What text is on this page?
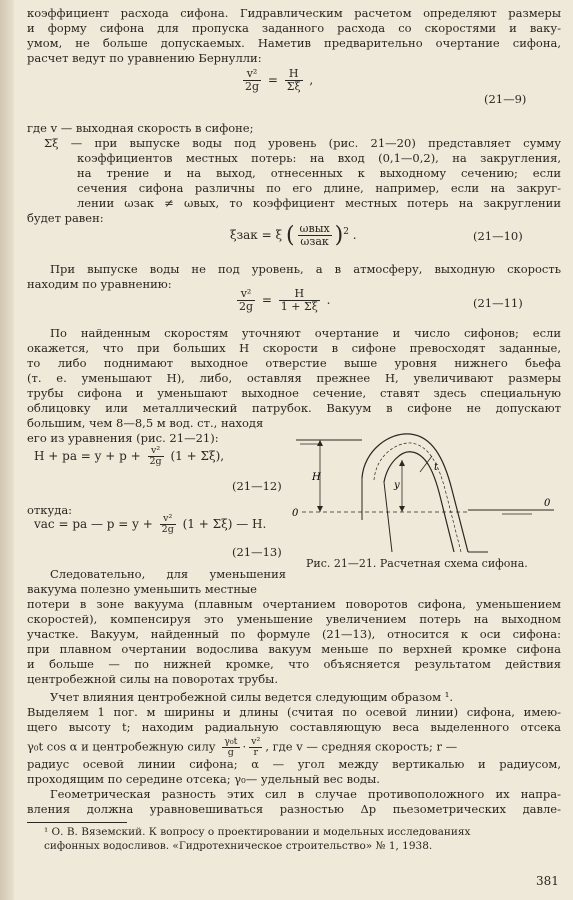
коэффициент расхода сифона. Гидравлическим расчетом определяют размеры
и форму сифона для пропуска заданного расхода со скоростями и ваку-
умом, не больше допускаемых. Наметив предварительно очертание сифона,
расчет ведут по уравнению Бернулли:
$\frac{\text{v²}}{2g} = \frac{H}{\Sigma\xi}$ ,
(21—9)
где v — выходная скорость в сифоне;
Σξ — при выпуске воды под уровень (рис. 21—20) представляет сумму
коэффициентов местных потерь: на вход (0,1—0,2), на закругления,
на трение и на выход, отнесенных к выходному сечению; если
сечения сифона различны по его длине, например, если на закруг-
лении ωзак ≠ ωвых, то коэффициент местных потерь на закруглении
будет равен:
ξзак = ξ ( $\frac{\text{ωвых}}{\text{ωзак}} )^2$ .	(21—10)
При выпуске воды не под уровень, а в атмосферу, выходную скорость
находим по уравнению:
$\frac{\text{v²}}{2g} = \frac{H}{1 + \Sigma\xi}$ .	(21—11)
По найденным скоростям уточняют очертание и число сифонов; если
окажется, что при больших H скорости в сифоне превосходят заданные,
то либо поднимают выходное отверстие выше уровня нижнего бьефа
(т. е. уменьшают H), либо, оставляя прежнее H, увеличивают размеры
трубы сифона и уменьшают выходное сечение, ставят здесь специальную
облицовку или металлический патрубок. Вакуум в сифоне не допускают
большим, чем 8—8,5 м вод. ст., находя
его из уравнения (рис. 21—21):
H + pa = $y + p + \frac{\text{v²}}{2g} (1 + \Sigma\xi)$,
(21—12)
откуда:
vac = pa — $p = y + \frac{\text{v²}}{2g} (1 + \Sigma\xi)$ — H.
(21—13)
H
y
t
0
0
Рис. 21—21. Расчетная схема сифона.
Следовательно, для уменьшения
вакуума полезно уменьшить местные
потери в зоне вакуума (плавным очертанием поворотов сифона, уменьшением
скоростей), компенсируя это уменьшение увеличением потерь на выходном
участке. Вакуум, найденный по формуле (21—13), относится к оси сифона:
при плавном очертании водослива вакуум меньше по верхней кромке сифона
и больше — по нижней кромке, что объясняется результатом действия
центробежной силы на поворотах трубы.
Учет влияния центробежной силы ведется следующим образом ¹.
Выделяем 1 пог. м ширины и длины (считая по осевой линии) сифона, имею-
щего высоту t; находим радиальную составляющую веса выделенного отсека
γ₀t cos α и центробежную силу $\frac{\text{γ₀t}}{g} \cdot \frac{\text{v²}}{r}$ , где v — средняя скорость; r —
радиус осевой линии сифона; α — угол между вертикалью и радиусом,
проходящим по середине отсека; γ₀— удельный вес воды.
Геометрическая разность этих сил в случае противоположного их напра-
вления должна уравновешиваться разностью Δp пьезометрических давле-
¹ О. В. Вяземский. К вопросу о проектировании и модельных исследованиях
сифонных водосливов. «Гидротехническое строительство» № 1, 1938.
381
